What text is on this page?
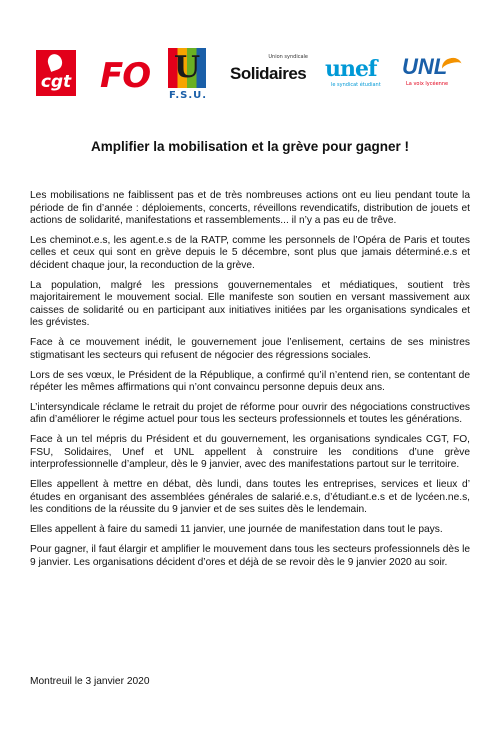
cgt FO U
F.S.U.
Union syndicale
Solidaires unef
le syndicat étudiant
UNL
La voix lycéenne
Amplifier la mobilisation et la grève pour gagner !

Les mobilisations ne faiblissent pas et de très nombreuses actions ont eu lieu pendant toute la période de fin d’année : déploiements, concerts, réveillons revendicatifs, distribution de jouets et actions de solidarité, manifestations et rassemblements... il n’y a pas eu de trêve.

Les cheminot.e.s, les agent.e.s de la RATP, comme les personnels de l’Opéra de Paris et toutes celles et ceux qui sont en grève depuis le 5 décembre, sont plus que jamais déterminé.e.s et décident chaque jour, la reconduction de la grève.

La population, malgré les pressions gouvernementales et médiatiques, soutient très majoritairement le mouvement social. Elle manifeste son soutien en versant massivement aux caisses de solidarité ou en participant aux initiatives initiées par les organisations syndicales et les grévistes.

Face à ce mouvement inédit, le gouvernement joue l’enlisement, certains de ses ministres stigmatisant les secteurs qui refusent de négocier des régressions sociales.

Lors de ses vœux, le Président de la République, a confirmé qu’il n’entend rien, se contentant de répéter les mêmes affirmations qui n’ont convaincu personne depuis deux ans.

L’intersyndicale réclame le retrait du projet de réforme pour ouvrir des négociations constructives afin d’améliorer le régime actuel pour tous les secteurs professionnels et toutes les générations.

Face à un tel mépris du Président et du gouvernement, les organisations syndicales CGT, FO, FSU, Solidaires, Unef et UNL appellent à construire les conditions d’une grève interprofessionnelle d’ampleur, dès le 9 janvier, avec des manifestations partout sur le territoire.

Elles appellent à mettre en débat, dès lundi, dans toutes les entreprises, services et lieux d’ études en organisant des assemblées générales de salarié.e.s, d’étudiant.e.s et de lycéen.ne.s, les conditions de la réussite du 9 janvier et de ses suites dès le lendemain.

Elles appellent à faire du samedi 11 janvier, une journée de manifestation dans tout le pays.

Pour gagner, il faut élargir et amplifier le mouvement dans tous les secteurs professionnels dès le 9 janvier. Les organisations décident d’ores et déjà de se revoir dès le 9 janvier 2020 au soir.

Montreuil le 3 janvier 2020
